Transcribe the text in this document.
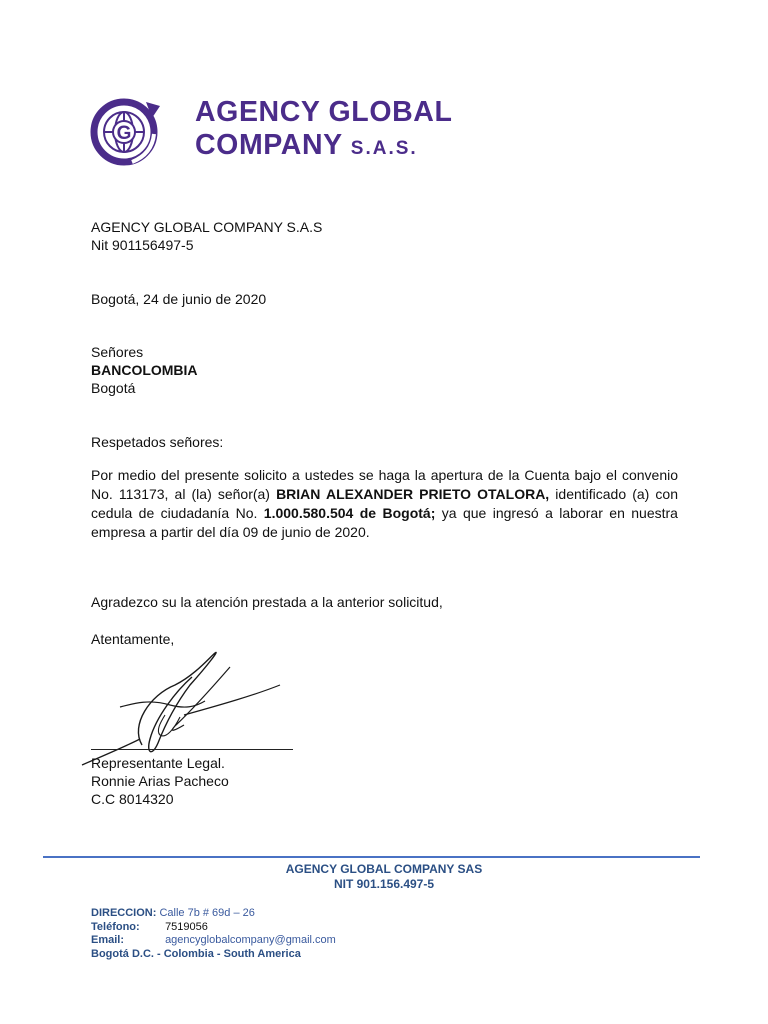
G
AGENCY GLOBAL
COMPANY S.A.S.
AGENCY GLOBAL COMPANY S.A.S
Nit 901156497-5
Bogotá, 24 de junio de 2020
Señores
BANCOLOMBIA
Bogotá
Respetados señores:
Por medio del presente solicito a ustedes se haga la apertura de la Cuenta bajo el convenio No. 113173, al (la) señor(a) BRIAN ALEXANDER PRIETO OTALORA, identificado (a) con cedula de ciudadanía No. 1.000.580.504 de Bogotá; ya que ingresó a laborar en nuestra empresa a partir del día 09 de junio de 2020.
Agradezco su la atención prestada a la anterior solicitud,
Atentamente,
Representante Legal.
Ronnie Arias Pacheco
C.C 8014320
AGENCY GLOBAL COMPANY SAS
NIT 901.156.497-5
DIRECCION: Calle 7b # 69d – 26
Teléfono: 7519056
Email:	agencyglobalcompany@gmail.com
Bogotá D.C. - Colombia - South America
